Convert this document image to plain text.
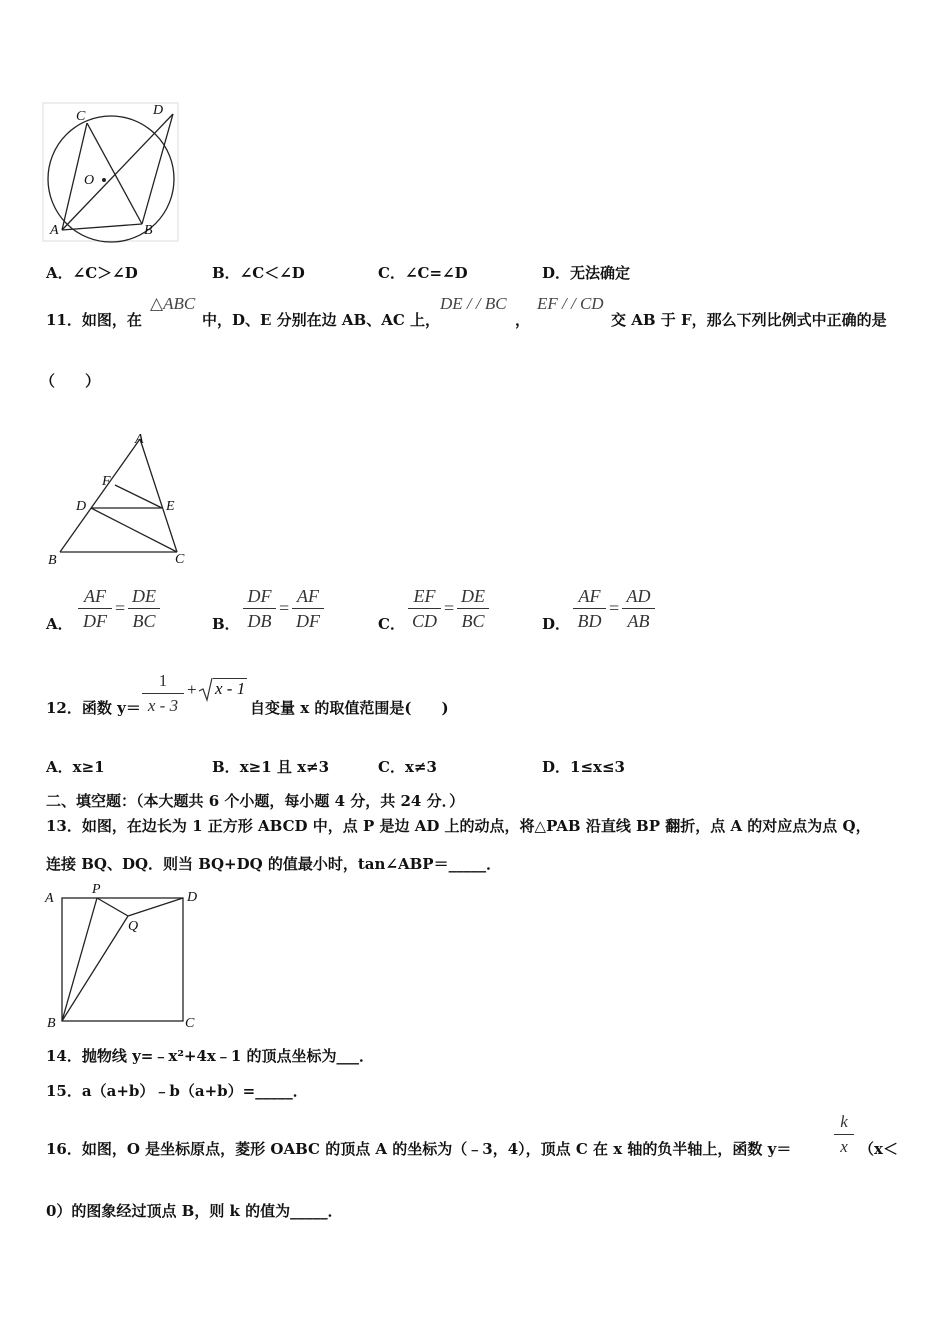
C	D
O
A	B
A．∠C＞∠D	B．∠C＜∠D	C．∠C=∠D	D．无法确定
11．如图，在
△ABC
中，D、E 分别在边 AB、AC 上，
DE / / BC
，
EF / / CD
交 AB 于 F，那么下列比例式中正确的是
（　　）
A
F
D	E
B	C
A．
AF
DF
=
DE
BC	B．
DF
DB
=
AF
DF	C．
EF
CD
=
DE
BC	D．
AF
BD
=
AD
AB
12．函数 y＝
1
x - 3
+ x - 1
自变量 x 的取值范围是(　　)
A．x≥1	B．x≥1 且 x≠3	C．x≠3	D．1≤x≤3
二、填空题：（本大题共 6 个小题，每小题 4 分，共 24 分．）
13．如图，在边长为 1 正方形 ABCD 中，点 P 是边 AD 上的动点，将△PAB 沿直线 BP 翻折，点 A 的对应点为点 Q，
连接 BQ、DQ．则当 BQ+DQ 的值最小时，tan∠ABP＝_____．
A
P
D
Q
B	C
14．抛物线 y=﹣x²+4x﹣1 的顶点坐标为___．
15．a（a+b）﹣b（a+b）=_____．
16．如图，O 是坐标原点，菱形 OABC 的顶点 A 的坐标为（﹣3，4），顶点 C 在 x 轴的负半轴上，函数 y＝
k
x （x＜
0）的图象经过顶点 B，则 k 的值为_____．
